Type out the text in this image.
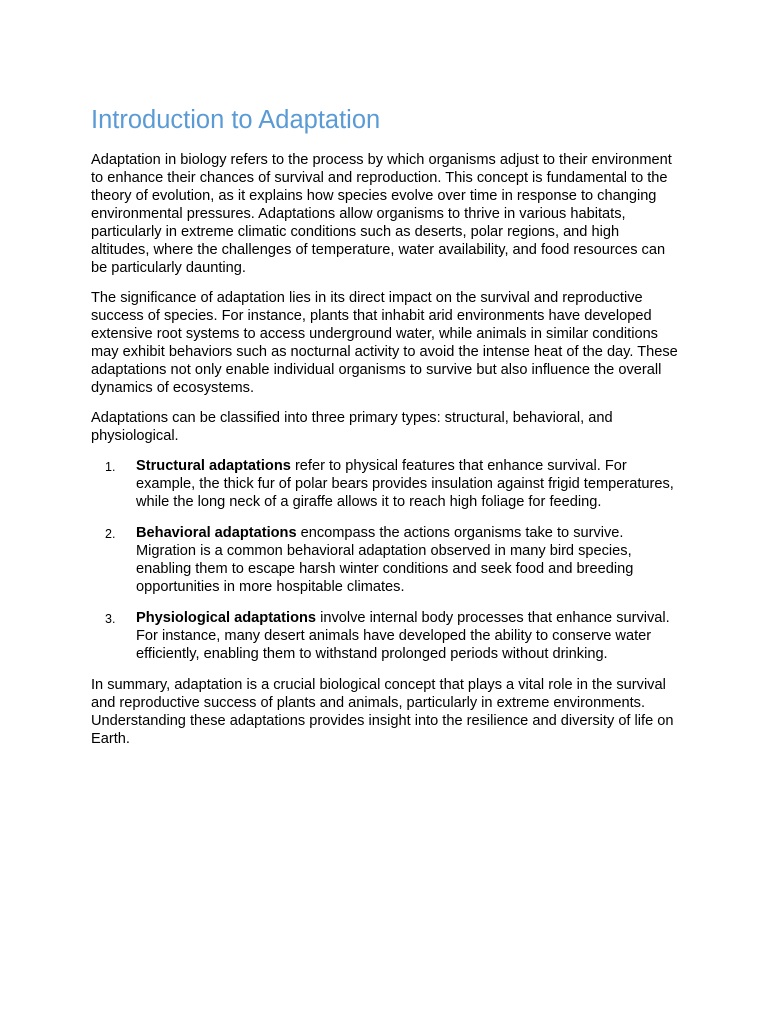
Introduction to Adaptation

Adaptation in biology refers to the process by which organisms adjust to their environment to enhance their chances of survival and reproduction. This concept is fundamental to the theory of evolution, as it explains how species evolve over time in response to changing environmental pressures. Adaptations allow organisms to thrive in various habitats, particularly in extreme climatic conditions such as deserts, polar regions, and high altitudes, where the challenges of temperature, water availability, and food resources can be particularly daunting.

The significance of adaptation lies in its direct impact on the survival and reproductive success of species. For instance, plants that inhabit arid environments have developed extensive root systems to access underground water, while animals in similar conditions may exhibit behaviors such as nocturnal activity to avoid the intense heat of the day. These adaptations not only enable individual organisms to survive but also influence the overall dynamics of ecosystems.

Adaptations can be classified into three primary types: structural, behavioral, and physiological.

1. Structural adaptations refer to physical features that enhance survival. For example, the thick fur of polar bears provides insulation against frigid temperatures, while the long neck of a giraffe allows it to reach high foliage for feeding.
2. Behavioral adaptations encompass the actions organisms take to survive. Migration is a common behavioral adaptation observed in many bird species, enabling them to escape harsh winter conditions and seek food and breeding opportunities in more hospitable climates.
3. Physiological adaptations involve internal body processes that enhance survival. For instance, many desert animals have developed the ability to conserve water efficiently, enabling them to withstand prolonged periods without drinking.

In summary, adaptation is a crucial biological concept that plays a vital role in the survival and reproductive success of plants and animals, particularly in extreme environments. Understanding these adaptations provides insight into the resilience and diversity of life on Earth.
